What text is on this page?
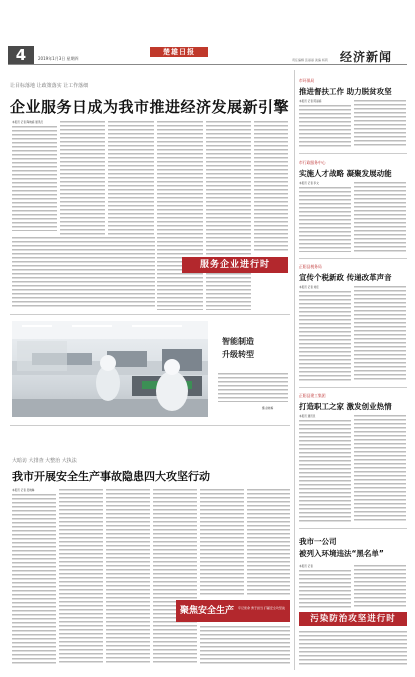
4	2019年1月3日 星期四
楚雄日报
责任编辑 张丽丽 美编 杨莉 经济新闻
让目标落地 让政策落实 让工作落细
企业服务日成为我市推进经济发展新引擎
本报讯 记者 陶晓娟 通讯员
服务企业进行时
智能制造
升级转型
摄 赵晓梅
大暗访 大排查 大整治 大执法
我市开展安全生产事故隐患四大攻坚行动
本报讯 记者 吴晓琳
聚焦安全生产 牢记使命 勇于担当 打赢安全攻坚战
市环保局
推进督扶工作 助力脱贫攻坚
本报讯 记者 陈丽娟
市行政服务中心
实施人才战略 凝聚发展动能
本报讯 记者 李文
正阳县税务局
宣传个税新政 传递改革声音
本报讯 记者 刘佳
正阳县建工集团
打造职工之家 激发创业热情
本报讯 通讯员
我市一公司
被列入环境违法“黑名单”
本报讯 记者
污染防治攻坚进行时
